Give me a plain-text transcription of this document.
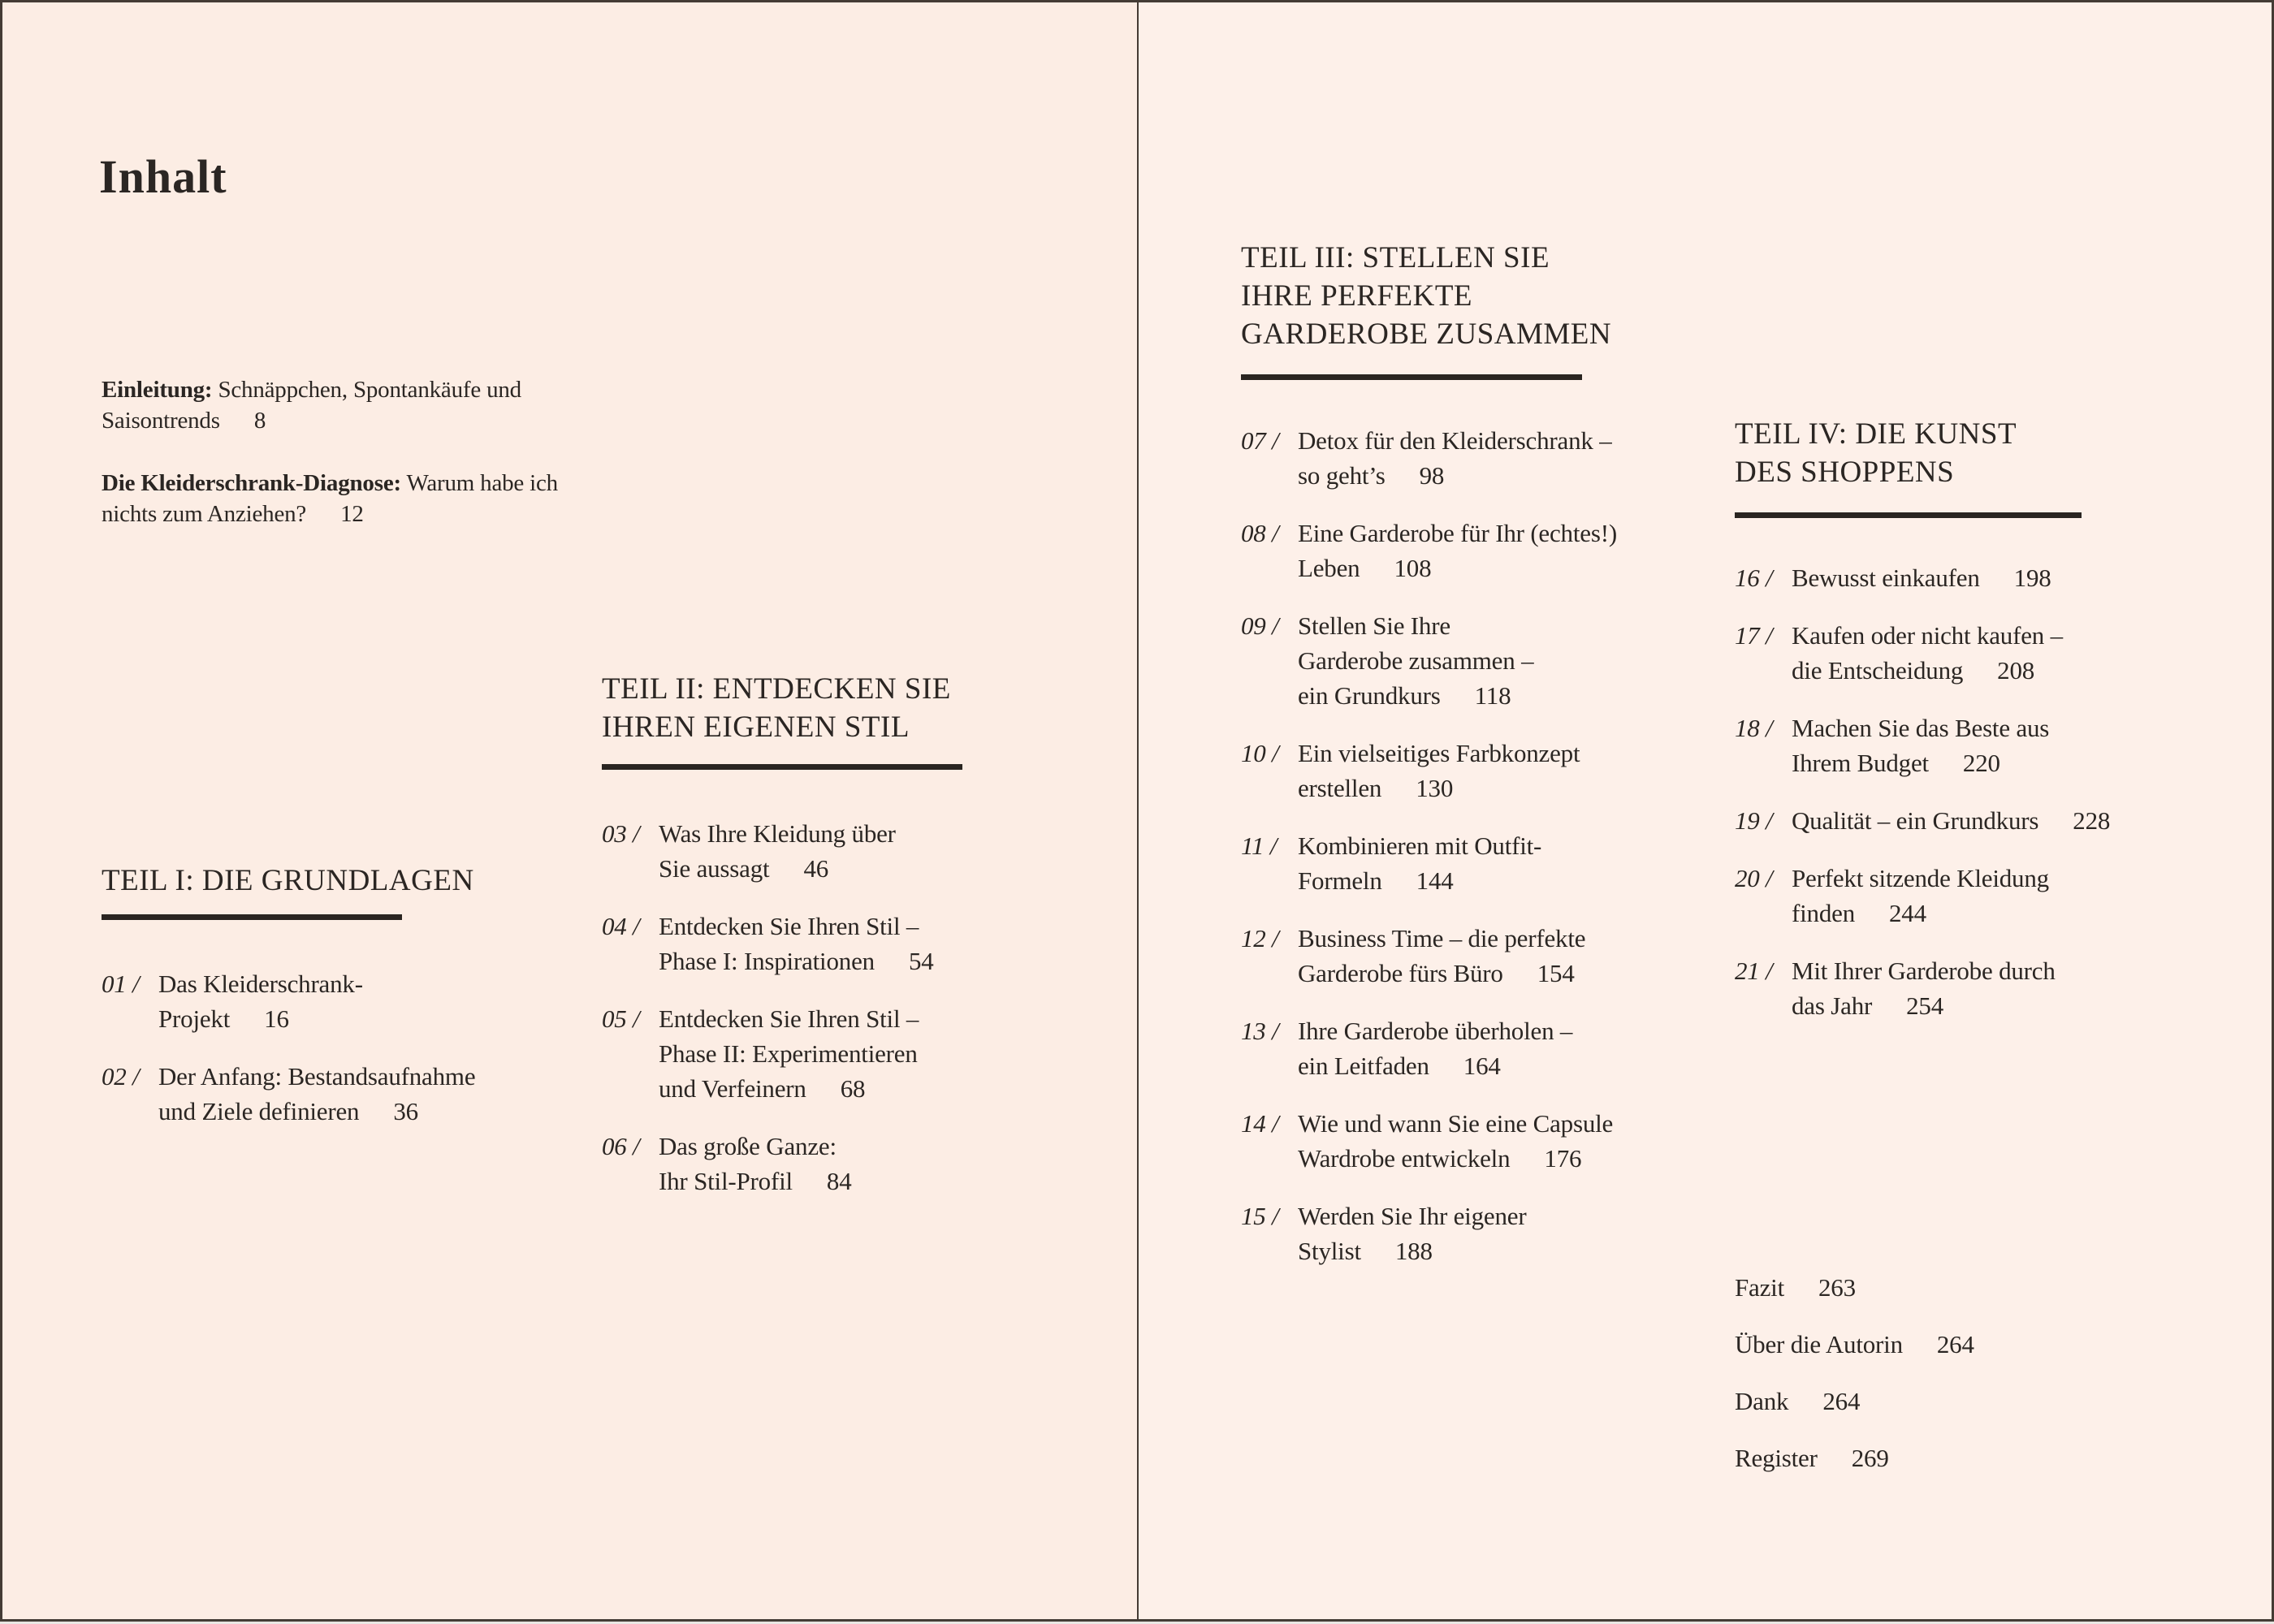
Inhalt
Einleitung: Schnäppchen, Spontankäufe und
Saisontrends 8
Die Kleiderschrank-Diagnose: Warum habe ich
nichts zum Anziehen? 12
TEIL I: DIE GRUNDLAGEN
01 / Das Kleiderschrank-
Projekt 16
02 / Der Anfang: Bestandsaufnahme
und Ziele definieren 36
TEIL II: ENTDECKEN SIE
IHREN EIGENEN STIL
03 / Was Ihre Kleidung über
Sie aussagt 46
04 / Entdecken Sie Ihren Stil –
Phase I: Inspirationen 54
05 / Entdecken Sie Ihren Stil –
Phase II: Experimentieren
und Verfeinern 68
06 / Das große Ganze:
Ihr Stil-Profil 84
TEIL III: STELLEN SIE
IHRE PERFEKTE
GARDEROBE ZUSAMMEN
07 / Detox für den Kleiderschrank –
so geht’s 98
08 / Eine Garderobe für Ihr (echtes!)
Leben 108
09 / Stellen Sie Ihre
Garderobe zusammen –
ein Grundkurs 118
10 / Ein vielseitiges Farbkonzept
erstellen 130
11 / Kombinieren mit Outfit-
Formeln 144
12 / Business Time – die perfekte
Garderobe fürs Büro 154
13 / Ihre Garderobe überholen –
ein Leitfaden 164
14 / Wie und wann Sie eine Capsule
Wardrobe entwickeln 176
15 / Werden Sie Ihr eigener
Stylist 188
TEIL IV: DIE KUNST
DES SHOPPENS
16 / Bewusst einkaufen 198
17 / Kaufen oder nicht kaufen –
die Entscheidung 208
18 / Machen Sie das Beste aus
Ihrem Budget 220
19 / Qualität – ein Grundkurs 228
20 / Perfekt sitzende Kleidung
finden 244
21 / Mit Ihrer Garderobe durch
das Jahr 254
Fazit 263
Über die Autorin 264
Dank 264
Register 269
